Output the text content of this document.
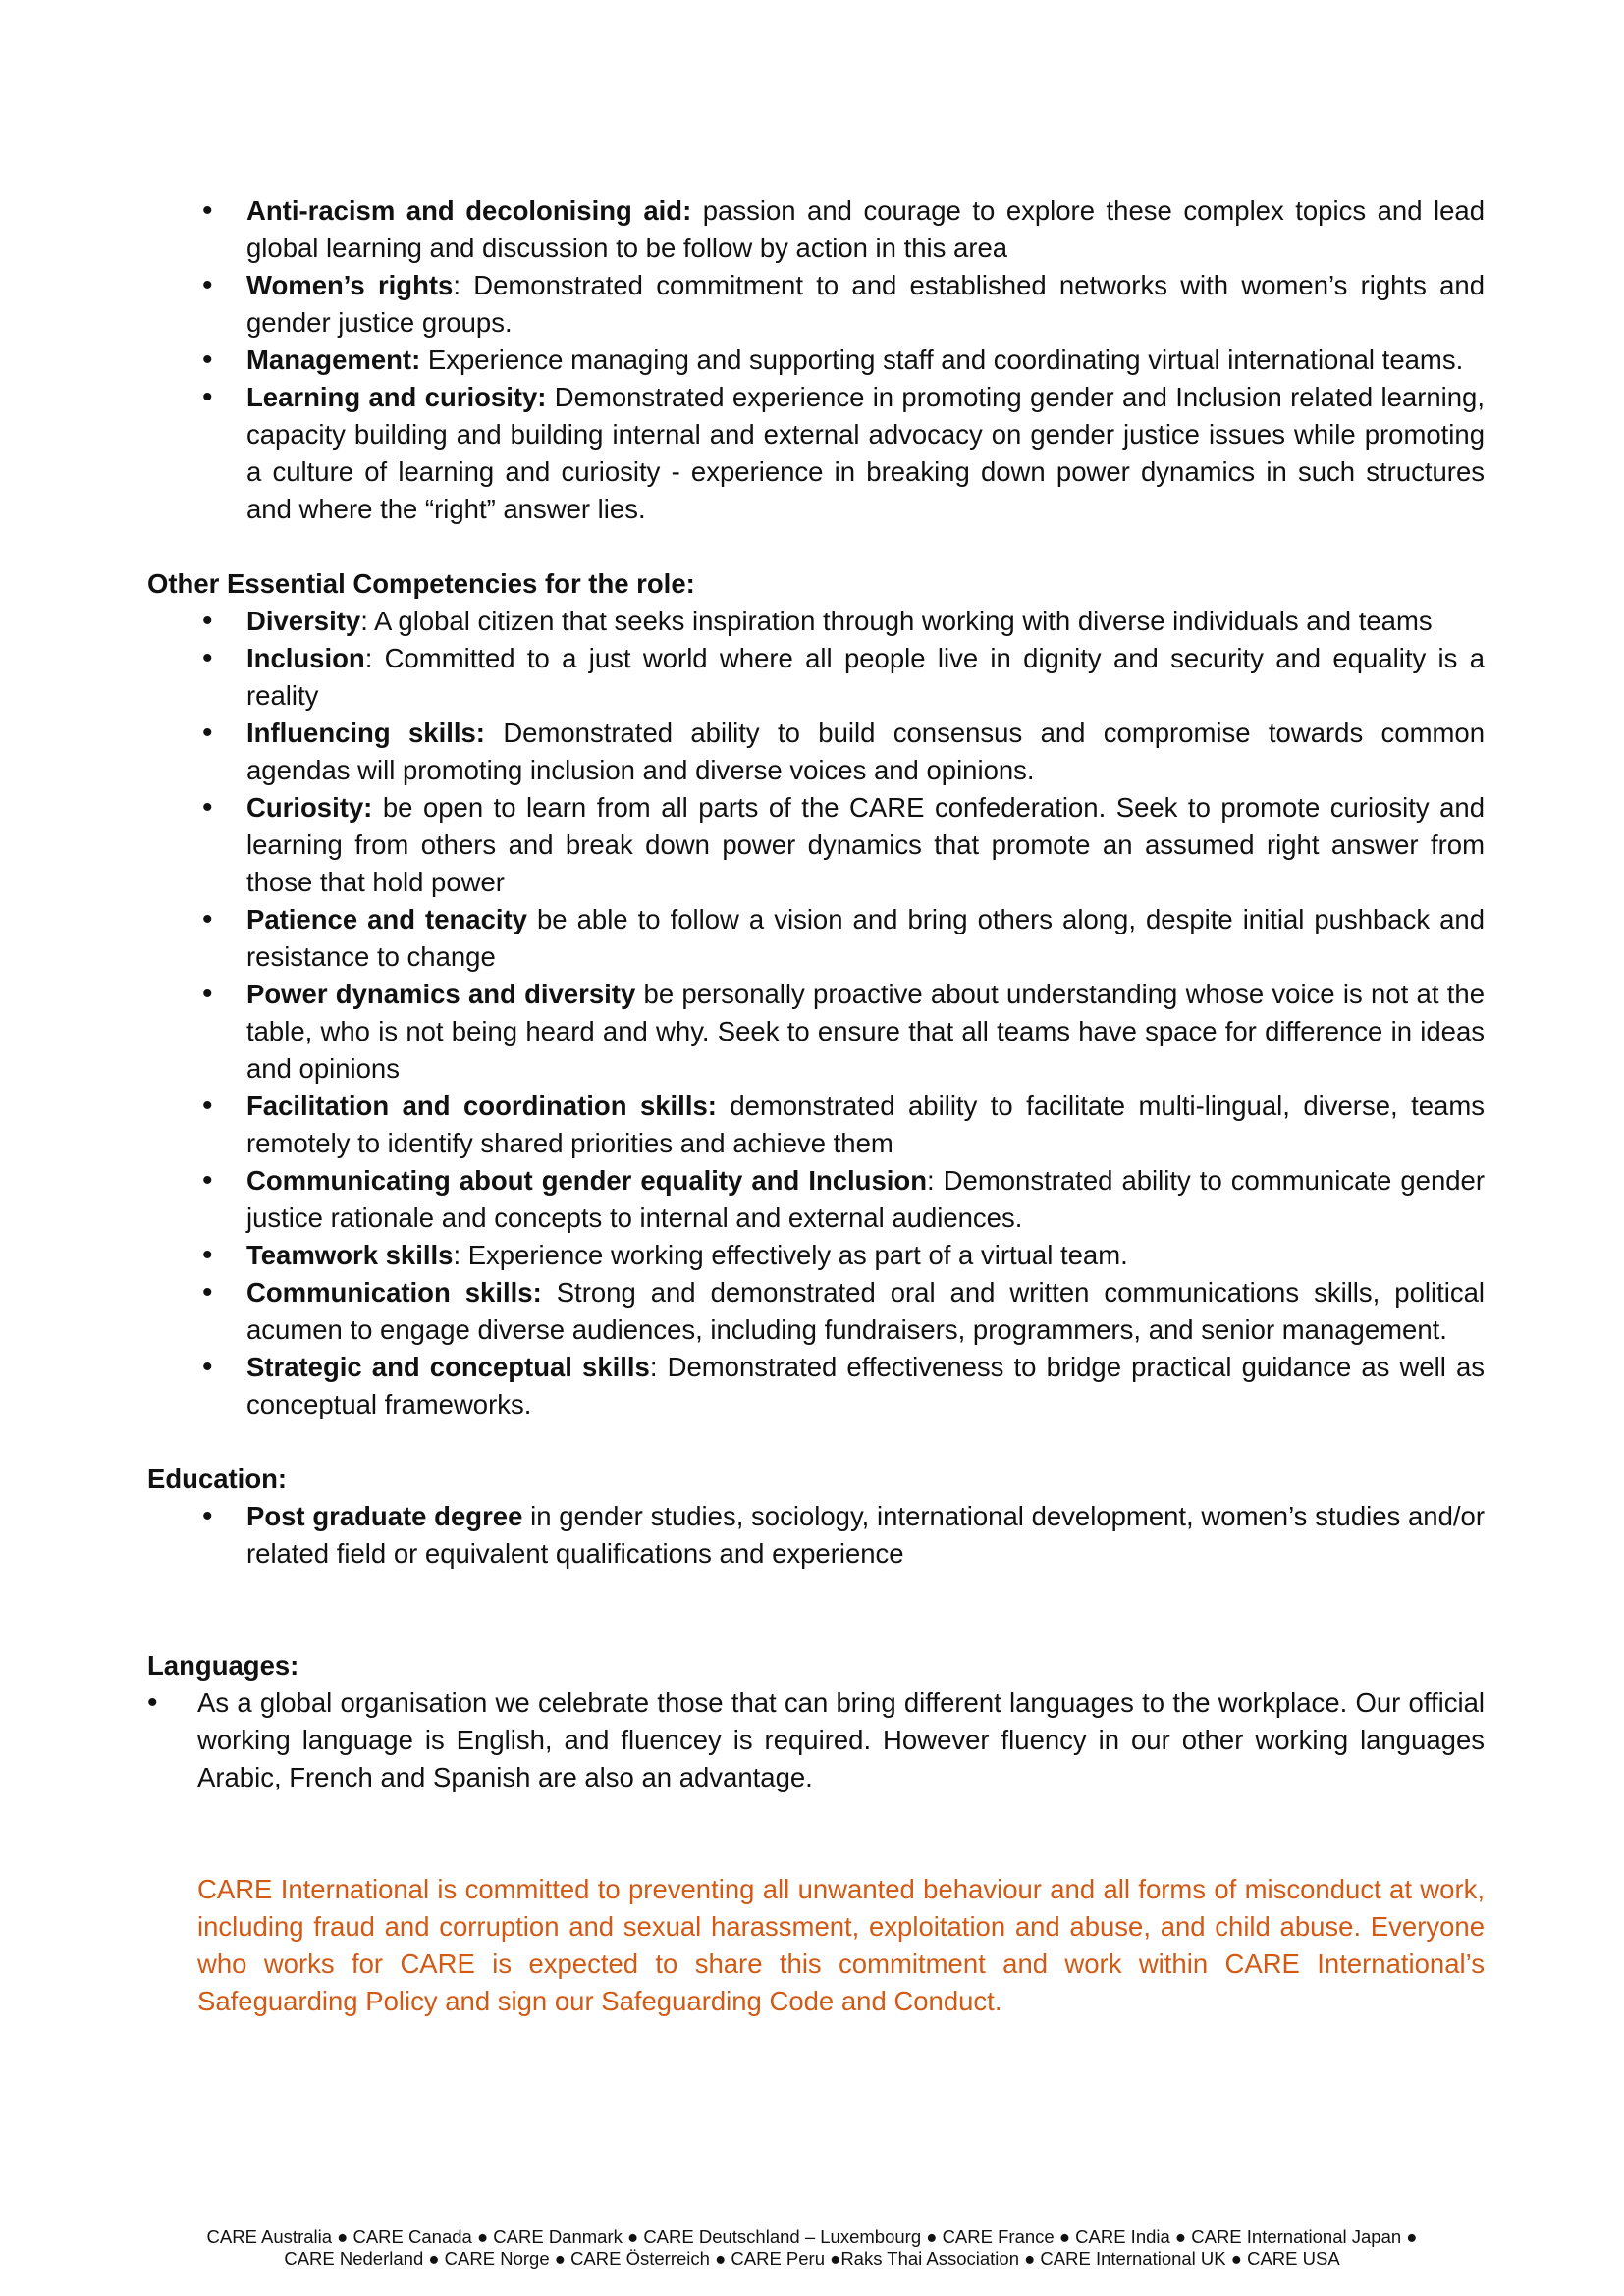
• Anti-racism and decolonising aid: passion and courage to explore these complex topics and lead global learning and discussion to be follow by action in this area
• Women’s rights: Demonstrated commitment to and established networks with women’s rights and gender justice groups.
• Management: Experience managing and supporting staff and coordinating virtual international teams.
• Learning and curiosity: Demonstrated experience in promoting gender and Inclusion related learning, capacity building and building internal and external advocacy on gender justice issues while promoting a culture of learning and curiosity - experience in breaking down power dynamics in such structures and where the “right” answer lies.

Other Essential Competencies for the role:

• Diversity: A global citizen that seeks inspiration through working with diverse individuals and teams
• Inclusion: Committed to a just world where all people live in dignity and security and equality is a reality
• Influencing skills: Demonstrated ability to build consensus and compromise towards common agendas will promoting inclusion and diverse voices and opinions.
• Curiosity: be open to learn from all parts of the CARE confederation. Seek to promote curiosity and learning from others and break down power dynamics that promote an assumed right answer from those that hold power
• Patience and tenacity be able to follow a vision and bring others along, despite initial pushback and resistance to change
• Power dynamics and diversity be personally proactive about understanding whose voice is not at the table, who is not being heard and why. Seek to ensure that all teams have space for difference in ideas and opinions
• Facilitation and coordination skills: demonstrated ability to facilitate multi-lingual, diverse, teams remotely to identify shared priorities and achieve them
• Communicating about gender equality and Inclusion: Demonstrated ability to communicate gender justice rationale and concepts to internal and external audiences.
• Teamwork skills: Experience working effectively as part of a virtual team.
• Communication skills: Strong and demonstrated oral and written communications skills, political acumen to engage diverse audiences, including fundraisers, programmers, and senior management.
• Strategic and conceptual skills: Demonstrated effectiveness to bridge practical guidance as well as conceptual frameworks.

Education:

• Post graduate degree in gender studies, sociology, international development, women’s studies and/or related field or equivalent qualifications and experience

Languages:

• As a global organisation we celebrate those that can bring different languages to the workplace. Our official working language is English, and fluencey is required. However fluency in our other working languages Arabic, French and Spanish are also an advantage.

CARE International is committed to preventing all unwanted behaviour and all forms of misconduct at work, including fraud and corruption and sexual harassment, exploitation and abuse, and child abuse. Everyone who works for CARE is expected to share this commitment and work within CARE International’s Safeguarding Policy and sign our Safeguarding Code and Conduct.

CARE Australia ● CARE Canada ● CARE Danmark ● CARE Deutschland – Luxembourg ● CARE France ● CARE India ● CARE International Japan ●
CARE Nederland ● CARE Norge ● CARE Österreich ● CARE Peru ●Raks Thai Association ● CARE International UK ● CARE USA
